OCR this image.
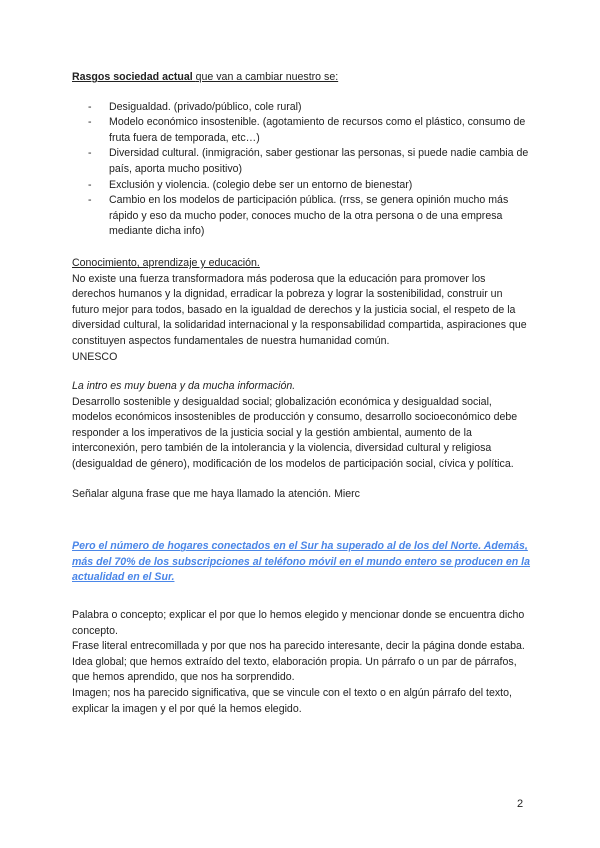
Rasgos sociedad actual que van a cambiar nuestro se:

- Desigualdad. (privado/público, cole rural)
- Modelo económico insostenible. (agotamiento de recursos como el plástico, consumo de fruta fuera de temporada, etc…)
- Diversidad cultural. (inmigración, saber gestionar las personas, si puede nadie cambia de país, aporta mucho positivo)
- Exclusión y violencia. (colegio debe ser un entorno de bienestar)
- Cambio en los modelos de participación pública. (rrss, se genera opinión mucho más rápido y eso da mucho poder, conoces mucho de la otra persona o de una empresa mediante dicha info)

Conocimiento, aprendizaje y educación.

No existe una fuerza transformadora más poderosa que la educación para promover los derechos humanos y la dignidad, erradicar la pobreza y lograr la sostenibilidad, construir un futuro mejor para todos, basado en la igualdad de derechos y la justicia social, el respeto de la diversidad cultural, la solidaridad internacional y la responsabilidad compartida, aspiraciones que constituyen aspectos fundamentales de nuestra humanidad común.

UNESCO

La intro es muy buena y da mucha información.

Desarrollo sostenible y desigualdad social; globalización económica y desigualdad social, modelos económicos insostenibles de producción y consumo, desarrollo socioeconómico debe responder a los imperativos de la justicia social y la gestión ambiental, aumento de la interconexión, pero también de la intolerancia y la violencia, diversidad cultural y religiosa (desigualdad de género), modificación de los modelos de participación social, cívica y política.

Señalar alguna frase que me haya llamado la atención. Mierc

Pero el número de hogares conectados en el Sur ha superado al de los del Norte. Además, más del 70% de los subscripciones al teléfono móvil en el mundo entero se producen en la actualidad en el Sur.

Palabra o concepto; explicar el por que lo hemos elegido y mencionar donde se encuentra dicho concepto.

Frase literal entrecomillada y por que nos ha parecido interesante, decir la página donde estaba.

Idea global; que hemos extraído del texto, elaboración propia. Un párrafo o un par de párrafos, que hemos aprendido, que nos ha sorprendido.

Imagen; nos ha parecido significativa, que se vincule con el texto o en algún párrafo del texto, explicar la imagen y el por qué la hemos elegido.

2
